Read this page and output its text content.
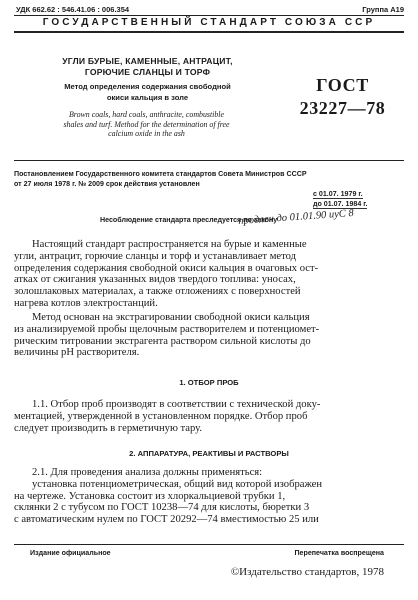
УДК 662.62 : 546.41.06 : 006.354	Группа А19
ГОСУДАРСТВЕННЫЙ СТАНДАРТ СОЮЗА ССР
УГЛИ БУРЫЕ, КАМЕННЫЕ, АНТРАЦИТ,
ГОРЮЧИЕ СЛАНЦЫ И ТОРФ
Метод определения содержания свободной
окиси кальция в золе
Brown coals, hard coals, anthracite, combustible
shales and turf. Method for the determination of free
calcium oxide in the ash
ГОСТ
23227—78
Постановлением Государственного комитета стандартов Совета Министров СССР
от 27 июля 1978 г. № 2009 срок действия установлен
с 01.07. 1979 г.
до 01.07. 1984 г.
Несоблюдение стандарта преследуется по закону
продлен до 01.01.90 иуС 8
Настоящий стандарт распространяется на бурые и каменные
угли, антрацит, горючие сланцы и торф и устанавливает метод
определения содержания свободной окиси кальция в очаговых ост-
атках от сжигания указанных видов твердого топлива: уносах,
золошлаковых материалах, а также отложениях с поверхностей
нагрева котлов электростанций.
Метод основан на экстрагировании свободной окиси кальция
из анализируемой пробы щелочным растворителем и потенциомет-
рическим титровании экстрагента раствором сильной кислоты до
величины pH растворителя.
1. ОТБОР ПРОБ
1.1. Отбор проб производят в соответствии с технической доку-
ментацией, утвержденной в установленном порядке. Отбор проб
следует производить в герметичную тару.
2. АППАРАТУРА, РЕАКТИВЫ И РАСТВОРЫ
2.1. Для проведения анализа должны применяться:
установка потенциометрическая, общий вид которой изображен
на чертеже. Установка состоит из хлоркальциевой трубки 1,
склянки 2 с тубусом по ГОСТ 10238—74 для кислоты, бюретки 3
с автоматическим нулем по ГОСТ 20292—74 вместимостью 25 или
Издание официальное	Перепечатка воспрещена
©Издательство стандартов, 1978
